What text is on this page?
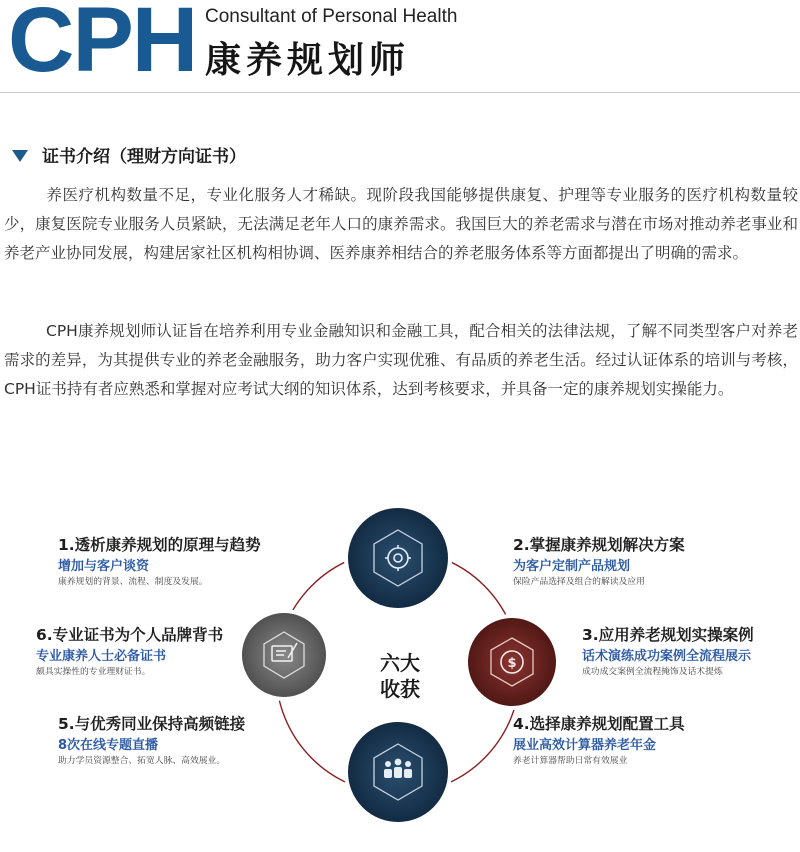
CPH Consultant of Personal Health
康养规划师
证书介绍（理财方向证书）

养医疗机构数量不足，专业化服务人才稀缺。现阶段我国能够提供康复、护理等专业服务的医疗机构数量较少，康复医院专业服务人员紧缺，无法满足老年人口的康养需求。我国巨大的养老需求与潜在市场对推动养老事业和养老产业协同发展，构建居家社区机构相协调、医养康养相结合的养老服务体系等方面都提出了明确的需求。

CPH康养规划师认证旨在培养利用专业金融知识和金融工具，配合相关的法律法规，了解不同类型客户对养老需求的差异，为其提供专业的养老金融服务，助力客户实现优雅、有品质的养老生活。经过认证体系的培训与考核，CPH证书持有者应熟悉和掌握对应考试大纲的知识体系，达到考核要求，并具备一定的康养规划实操能力。

$
六大
收获
1.透析康养规划的原理与趋势
增加与客户谈资
康养规划的背景、流程、制度及发展。
2.掌握康养规划解决方案
为客户定制产品规划
保险产品选择及组合的解读及应用
3.应用养老规划实操案例
话术演练成功案例全流程展示
成功成交案例全流程掩饰及话术提炼
4.选择康养规划配置工具
展业高效计算器养老年金
养老计算器帮助日常有效展业
5.与优秀同业保持高频链接
8次在线专题直播
助力学员资源整合、拓宽人脉、高效展业。
6.专业证书为个人品牌背书
专业康养人士必备证书
颇具实操性的专业理财证书。
